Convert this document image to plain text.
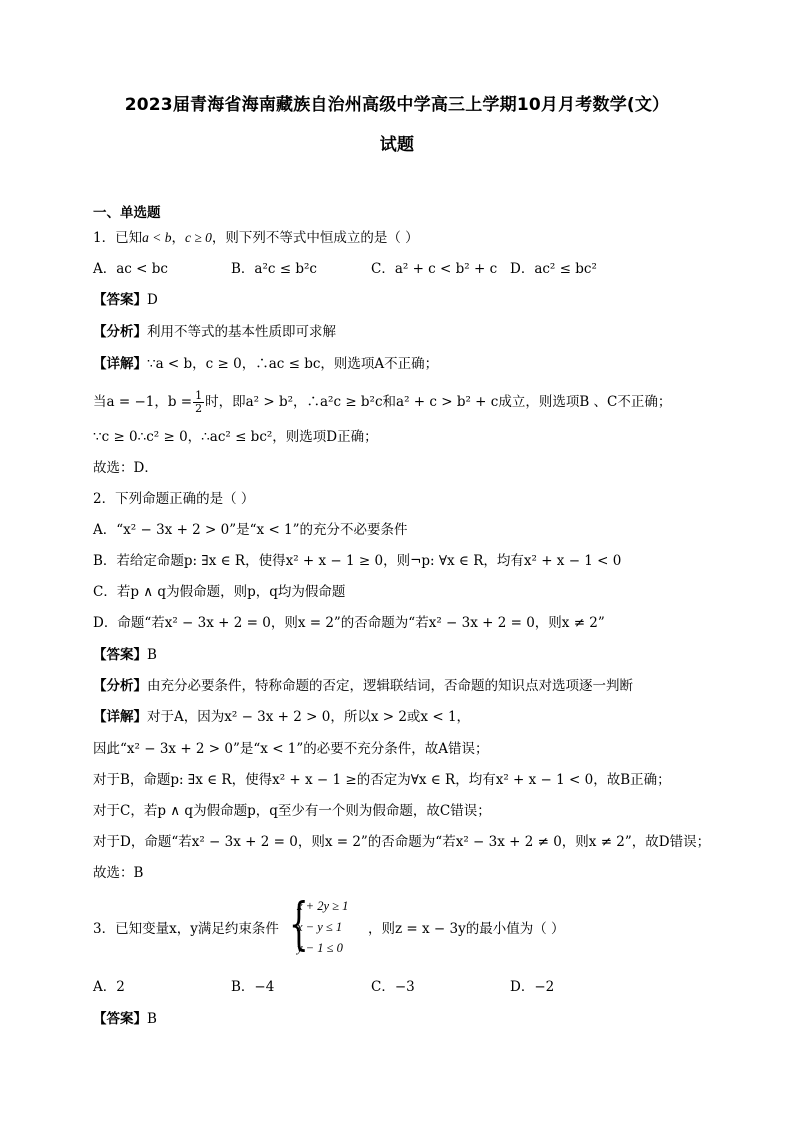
2023届青海省海南藏族自治州高级中学高三上学期10月月考数学(文）
试题
一、单选题
1．已知a < b，c ≥ 0，则下列不等式中恒成立的是（ ）
A．ac < bc	B．a²c ≤ b²c	C．a² + c < b² + c D．ac² ≤ bc²
【答案】D
【分析】利用不等式的基本性质即可求解
【详解】∵a < b，c ≥ 0，∴ac ≤ bc，则选项A不正确；
当a = −1，$b = \frac{1}{2}$ 时，即a² > b²，∴a²c ≥ b²c和a² + c > b² + c成立，则选项B 、C不正确；
∵c ≥ 0∴c² ≥ 0，∴ac² ≤ bc²，则选项D正确；
故选：D．
2．下列命题正确的是（ ）
A．“x² − 3x + 2 > 0”是“x < 1”的充分不必要条件
B．若给定命题p: ∃x ∈ R，使得x² + x − 1 ≥ 0，则¬p: ∀x ∈ R，均有x² + x − 1 < 0
C．若p ∧ q为假命题，则p，q均为假命题
D．命题“若x² − 3x + 2 = 0，则x = 2”的否命题为“若x² − 3x + 2 = 0，则x ≠ 2”
【答案】B
【分析】由充分必要条件，特称命题的否定，逻辑联结词，否命题的知识点对选项逐一判断
【详解】对于A，因为x² − 3x + 2 > 0，所以x > 2或x < 1，
因此“x² − 3x + 2 > 0”是“x < 1”的必要不充分条件，故A错误；
对于B，命题p: ∃x ∈ R，使得x² + x − 1 ≥的否定为∀x ∈ R，均有x² + x − 1 < 0，故B正确；
对于C，若p ∧ q为假命题p，q至少有一个则为假命题，故C错误；
对于D，命题“若x² − 3x + 2 = 0，则x = 2”的否命题为“若x² − 3x + 2 ≠ 0，则x ≠ 2”，故D错误；
故选：B
3．已知变量x，y满足约束条件 {
x + 2y ≥ 1
x − y ≤ 1
y − 1 ≤ 0
，则z = x − 3y的最小值为（ ）
A．2	B．−4	C．−3	D．−2
【答案】B
